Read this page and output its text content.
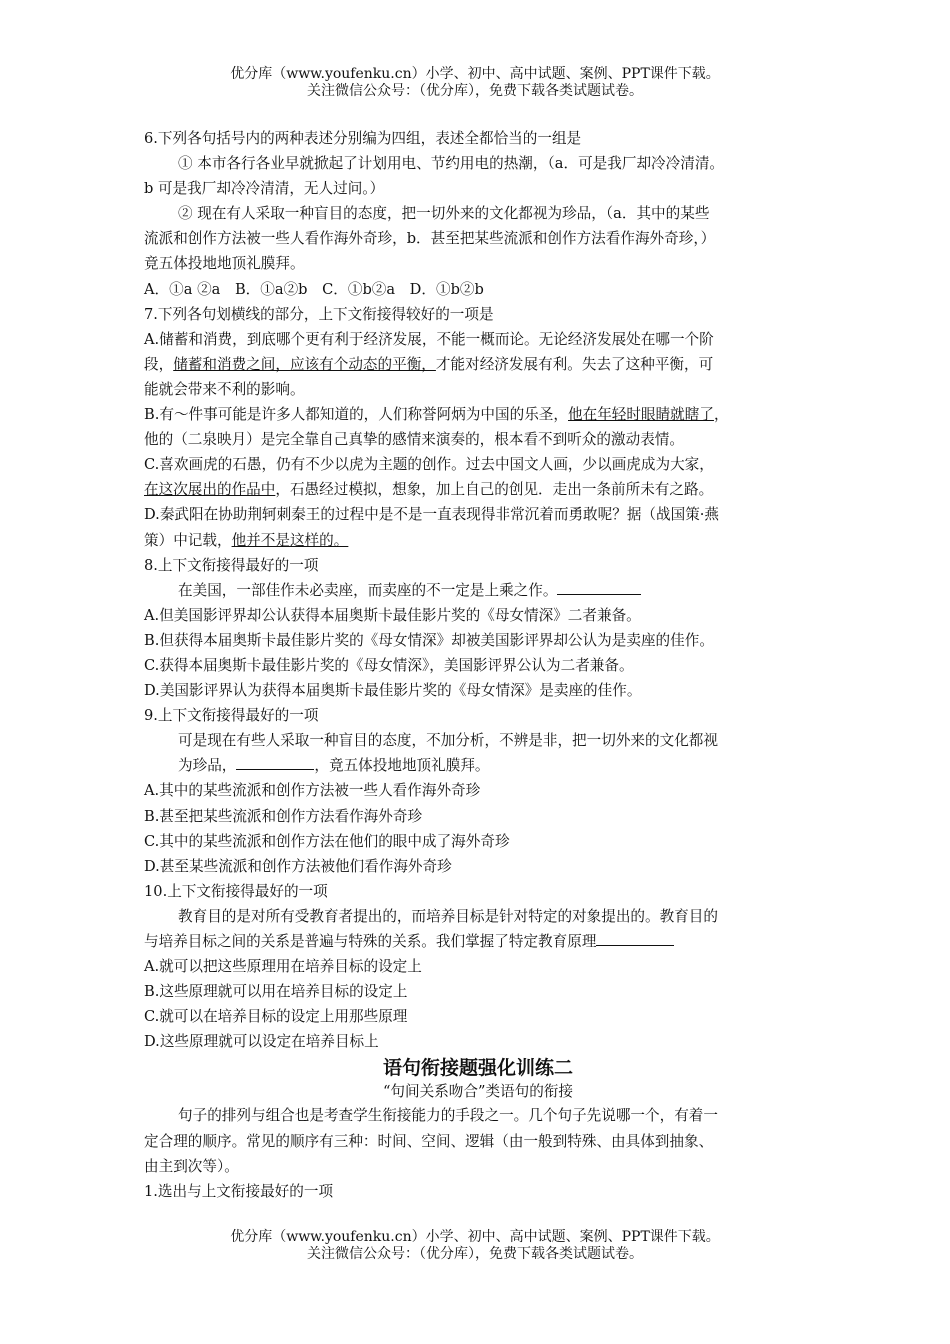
优分库（www.youfenku.cn）小学、初中、高中试题、案例、PPT课件下载。
关注微信公众号：（优分库），免费下载各类试题试卷。

6.下列各句括号内的两种表述分别编为四组，表述全都恰当的一组是

① 本市各行各业早就掀起了计划用电、节约用电的热潮，（a．可是我厂却冷冷清清。

b 可是我厂却冷冷清清，无人过问。）

② 现在有人采取一种盲目的态度，把一切外来的文化都视为珍品，（a．其中的某些

流派和创作方法被一些人看作海外奇珍，b．甚至把某些流派和创作方法看作海外奇珍，）

竟五体投地地顶礼膜拜。

A．①a ②a　B．①a②b　C．①b②a　D．①b②b

7.下列各句划横线的部分，上下文衔接得较好的一项是

A.储蓄和消费，到底哪个更有利于经济发展，不能一概而论。无论经济发展处在哪一个阶

段，储蓄和消费之间，应该有个动态的平衡，才能对经济发展有利。失去了这种平衡，可

能就会带来不利的影响。

B.有～件事可能是许多人都知道的，人们称誉阿炳为中国的乐圣，他在年轻时眼睛就瞎了，

他的（二泉映月）是完全靠自己真挚的感情来演奏的，根本看不到听众的激动表情。

C.喜欢画虎的石愚，仍有不少以虎为主题的创作。过去中国文人画，少以画虎成为大家，

在这次展出的作品中，石愚经过模拟，想象，加上自己的创见．走出一条前所未有之路。

D.秦武阳在协助荆轲刺秦王的过程中是不是一直表现得非常沉着而勇敢呢？据（战国策·燕

策）中记载，他并不是这样的。

8.上下文衔接得最好的一项

在美国，一部佳作未必卖座，而卖座的不一定是上乘之作。

A.但美国影评界却公认获得本届奥斯卡最佳影片奖的《母女情深》二者兼备。

B.但获得本届奥斯卡最佳影片奖的《母女情深》却被美国影评界却公认为是卖座的佳作。

C.获得本届奥斯卡最佳影片奖的《母女情深》，美国影评界公认为二者兼备。

D.美国影评界认为获得本届奥斯卡最佳影片奖的《母女情深》是卖座的佳作。

9.上下文衔接得最好的一项

可是现在有些人采取一种盲目的态度，不加分析，不辨是非，把一切外来的文化都视

为珍品，	，竟五体投地地顶礼膜拜。

A.其中的某些流派和创作方法被一些人看作海外奇珍

B.甚至把某些流派和创作方法看作海外奇珍

C.其中的某些流派和创作方法在他们的眼中成了海外奇珍

D.甚至某些流派和创作方法被他们看作海外奇珍

10.上下文衔接得最好的一项

教育目的是对所有受教育者提出的，而培养目标是针对特定的对象提出的。教育目的

与培养目标之间的关系是普遍与特殊的关系。我们掌握了特定教育原理

A.就可以把这些原理用在培养目标的设定上

B.这些原理就可以用在培养目标的设定上

C.就可以在培养目标的设定上用那些原理

D.这些原理就可以设定在培养目标上

语句衔接题强化训练二
“句间关系吻合”类语句的衔接

句子的排列与组合也是考查学生衔接能力的手段之一。几个句子先说哪一个，有着一

定合理的顺序。常见的顺序有三种：时间、空间、逻辑（由一般到特殊、由具体到抽象、

由主到次等）。

1.选出与上文衔接最好的一项

优分库（www.youfenku.cn）小学、初中、高中试题、案例、PPT课件下载。
关注微信公众号：（优分库），免费下载各类试题试卷。
